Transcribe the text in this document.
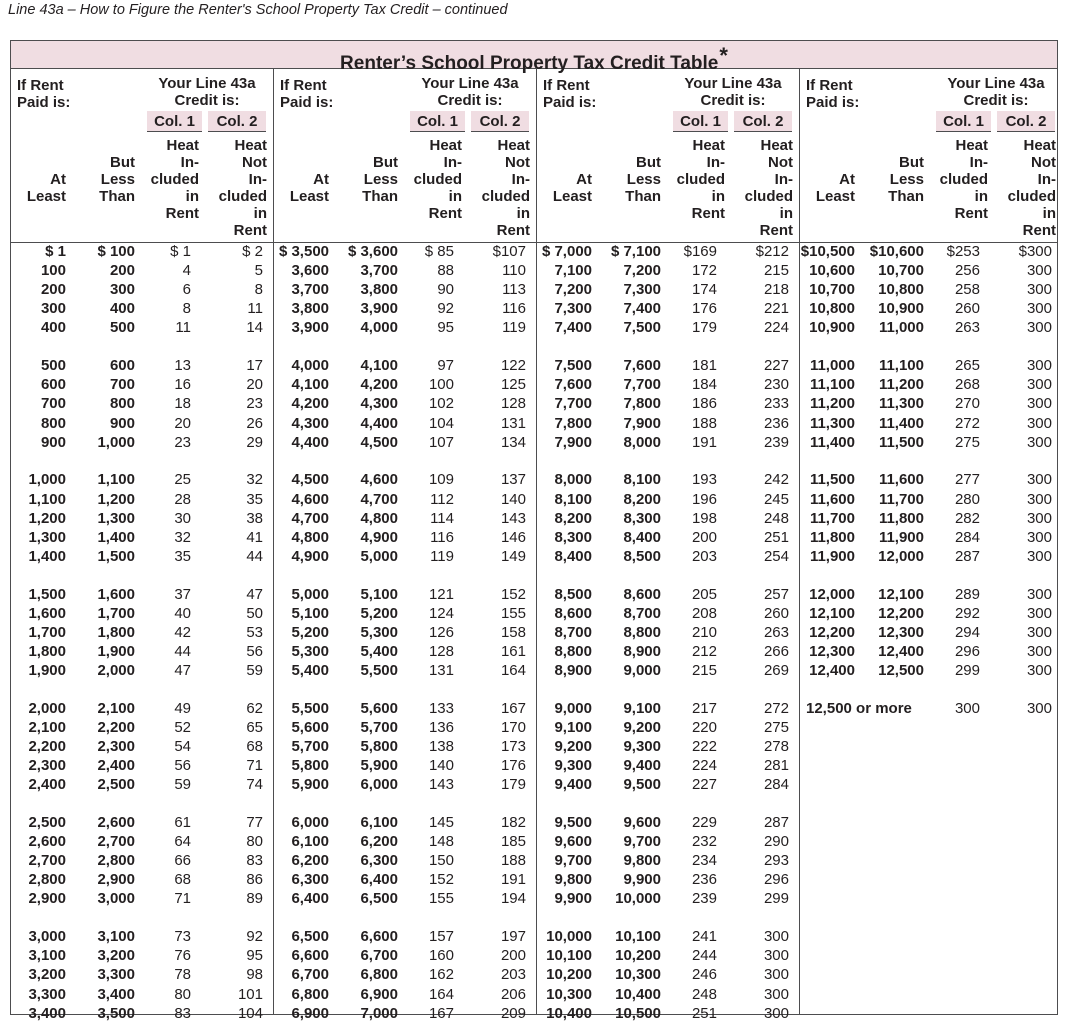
Line 43a – How to Figure the Renter's School Property Tax Credit – continued
Renter’s School Property Tax Credit Table*
If Rent
Paid is:
Your Line 43a
Credit is:
Col. 1	Col. 2
At
Least
But
Less
Than
Heat
In-
cluded
in
Rent
Heat
Not
In-
cluded
in
Rent
$ 1	$ 100	$ 1	$ 2
100	200	4	5
200	300	6	8
300	400	8	11
400	500	11	14
500	600	13	17
600	700	16	20
700	800	18	23
800	900	20	26
900	1,000	23	29
1,000	1,100	25	32
1,100	1,200	28	35
1,200	1,300	30	38
1,300	1,400	32	41
1,400	1,500	35	44
1,500	1,600	37	47
1,600	1,700	40	50
1,700	1,800	42	53
1,800	1,900	44	56
1,900	2,000	47	59
2,000	2,100	49	62
2,100	2,200	52	65
2,200	2,300	54	68
2,300	2,400	56	71
2,400	2,500	59	74
2,500	2,600	61	77
2,600	2,700	64	80
2,700	2,800	66	83
2,800	2,900	68	86
2,900	3,000	71	89
3,000	3,100	73	92
3,100	3,200	76	95
3,200	3,300	78	98
3,300	3,400	80	101
3,400	3,500	83	104
If Rent
Paid is:
Your Line 43a
Credit is:
Col. 1	Col. 2
At
Least
But
Less
Than
Heat
In-
cluded
in
Rent
Heat
Not
In-
cluded
in
Rent
$ 3,500	$ 3,600	$ 85	$107
3,600	3,700	88	110
3,700	3,800	90	113
3,800	3,900	92	116
3,900	4,000	95	119
4,000	4,100	97	122
4,100	4,200	100	125
4,200	4,300	102	128
4,300	4,400	104	131
4,400	4,500	107	134
4,500	4,600	109	137
4,600	4,700	112	140
4,700	4,800	114	143
4,800	4,900	116	146
4,900	5,000	119	149
5,000	5,100	121	152
5,100	5,200	124	155
5,200	5,300	126	158
5,300	5,400	128	161
5,400	5,500	131	164
5,500	5,600	133	167
5,600	5,700	136	170
5,700	5,800	138	173
5,800	5,900	140	176
5,900	6,000	143	179
6,000	6,100	145	182
6,100	6,200	148	185
6,200	6,300	150	188
6,300	6,400	152	191
6,400	6,500	155	194
6,500	6,600	157	197
6,600	6,700	160	200
6,700	6,800	162	203
6,800	6,900	164	206
6,900	7,000	167	209
If Rent
Paid is:
Your Line 43a
Credit is:
Col. 1	Col. 2
At
Least
But
Less
Than
Heat
In-
cluded
in
Rent
Heat
Not
In-
cluded
in
Rent
$ 7,000	$ 7,100	$169	$212
7,100	7,200	172	215
7,200	7,300	174	218
7,300	7,400	176	221
7,400	7,500	179	224
7,500	7,600	181	227
7,600	7,700	184	230
7,700	7,800	186	233
7,800	7,900	188	236
7,900	8,000	191	239
8,000	8,100	193	242
8,100	8,200	196	245
8,200	8,300	198	248
8,300	8,400	200	251
8,400	8,500	203	254
8,500	8,600	205	257
8,600	8,700	208	260
8,700	8,800	210	263
8,800	8,900	212	266
8,900	9,000	215	269
9,000	9,100	217	272
9,100	9,200	220	275
9,200	9,300	222	278
9,300	9,400	224	281
9,400	9,500	227	284
9,500	9,600	229	287
9,600	9,700	232	290
9,700	9,800	234	293
9,800	9,900	236	296
9,900	10,000	239	299
10,000	10,100	241	300
10,100	10,200	244	300
10,200	10,300	246	300
10,300	10,400	248	300
10,400	10,500	251	300
If Rent
Paid is:
Your Line 43a
Credit is:
Col. 1	Col. 2
At
Least
But
Less
Than
Heat
In-
cluded
in
Rent
Heat
Not
In-
cluded
in
Rent
$10,500 $10,600	$253	$300
10,600	10,700	256	300
10,700	10,800	258	300
10,800	10,900	260	300
10,900	11,000	263	300
11,000	11,100	265	300
11,100	11,200	268	300
11,200	11,300	270	300
11,300	11,400	272	300
11,400	11,500	275	300
11,500	11,600	277	300
11,600	11,700	280	300
11,700	11,800	282	300
11,800	11,900	284	300
11,900	12,000	287	300
12,000	12,100	289	300
12,100	12,200	292	300
12,200	12,300	294	300
12,300	12,400	296	300
12,400	12,500	299	300
12,500 or more	300	300
